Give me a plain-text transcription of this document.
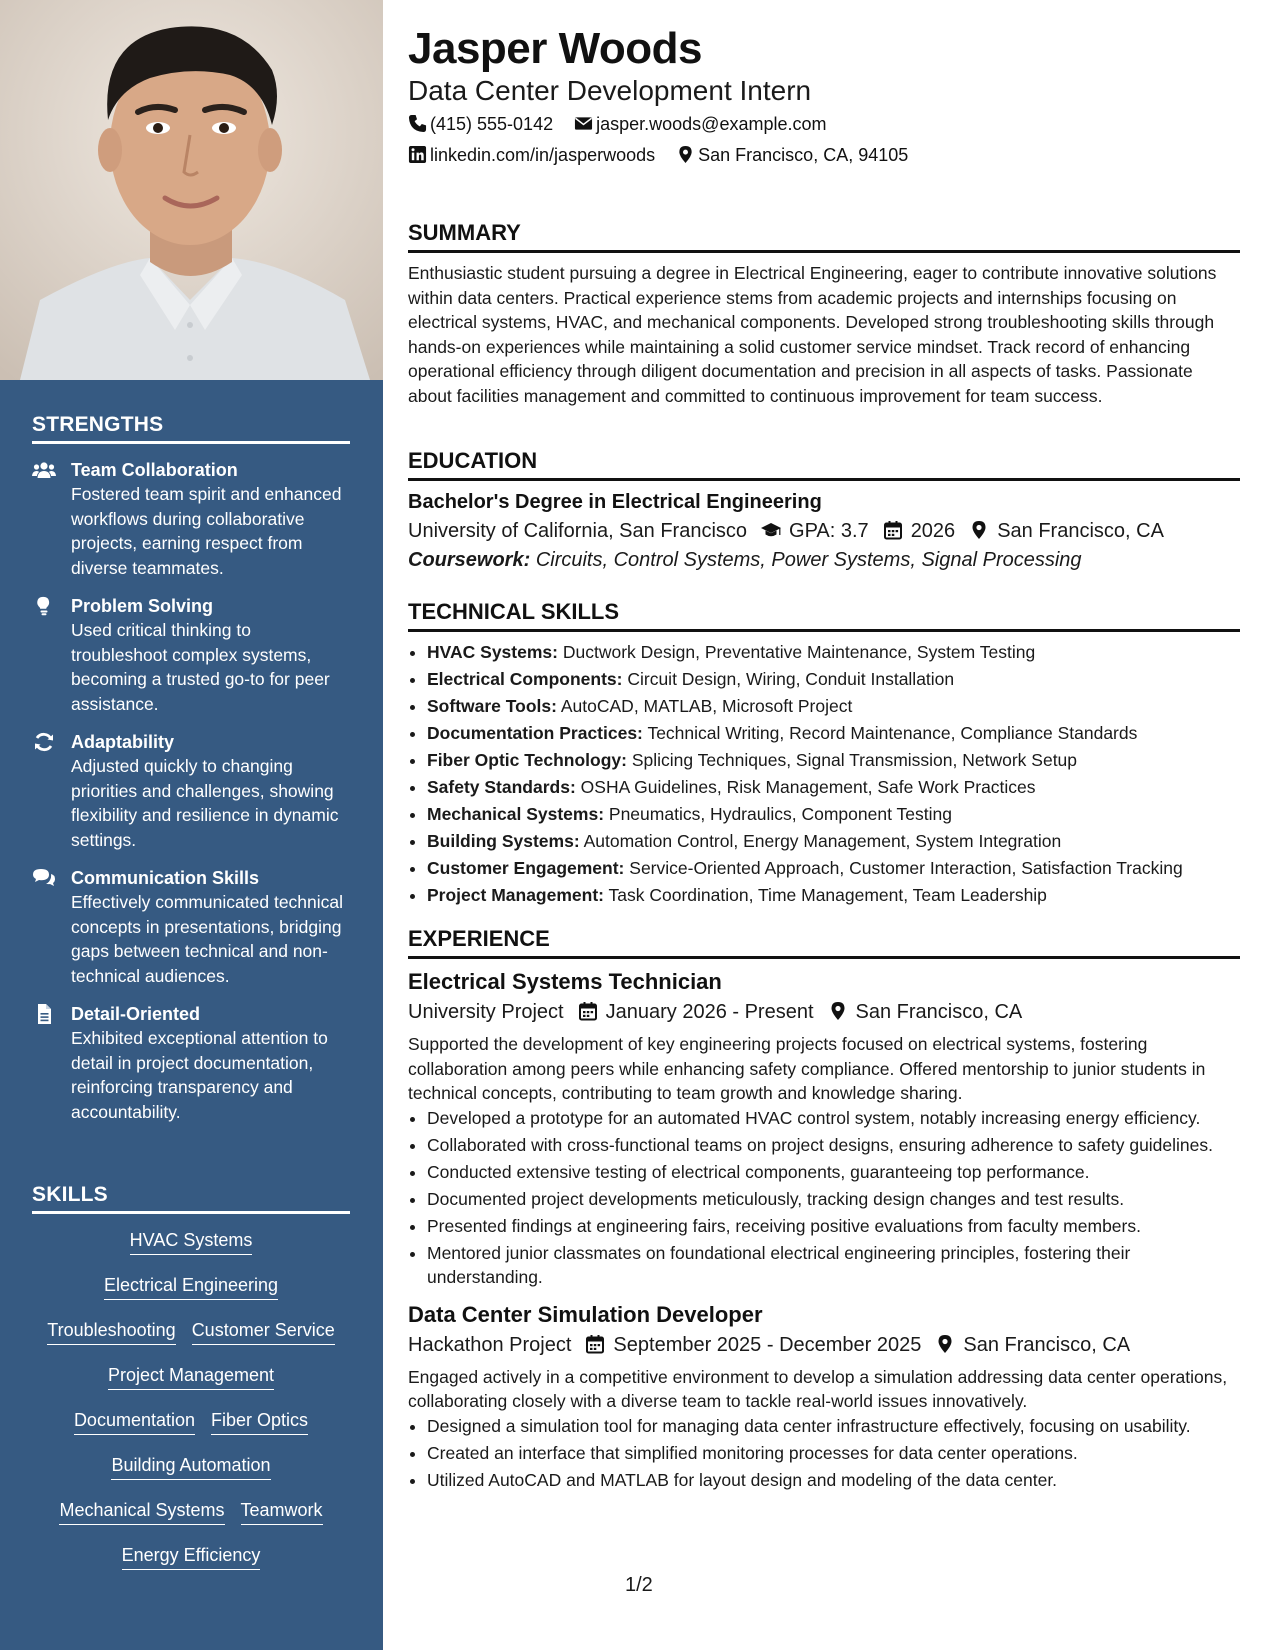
STRENGTHS
Team Collaboration
Fostered team spirit and enhanced workflows during collaborative projects, earning respect from diverse teammates.
Problem Solving
Used critical thinking to troubleshoot complex systems, becoming a trusted go-to for peer assistance.
Adaptability
Adjusted quickly to changing priorities and challenges, showing flexibility and resilience in dynamic settings.
Communication Skills
Effectively communicated technical concepts in presentations, bridging gaps between technical and non-technical audiences.
Detail-Oriented
Exhibited exceptional attention to detail in project documentation, reinforcing transparency and accountability.
SKILLS
HVAC Systems
Electrical Engineering
Troubleshooting Customer Service
Project Management
Documentation Fiber Optics
Building Automation
Mechanical Systems Teamwork
Energy Efficiency
Jasper Woods
Data Center Development Intern
(415) 555-0142 jasper.woods@example.com
linkedin.com/in/jasperwoods San Francisco, CA, 94105
SUMMARY
Enthusiastic student pursuing a degree in Electrical Engineering, eager to contribute innovative solutions within data centers. Practical experience stems from academic projects and internships focusing on electrical systems, HVAC, and mechanical components. Developed strong troubleshooting skills through hands-on experiences while maintaining a solid customer service mindset. Track record of enhancing operational efficiency through diligent documentation and precision in all aspects of tasks. Passionate about facilities management and committed to continuous improvement for team success.
EDUCATION
Bachelor's Degree in Electrical Engineering
University of California, San Francisco GPA: 3.7 2026 San Francisco, CA
Coursework: Circuits, Control Systems, Power Systems, Signal Processing
TECHNICAL SKILLS
• HVAC Systems: Ductwork Design, Preventative Maintenance, System Testing
• Electrical Components: Circuit Design, Wiring, Conduit Installation
• Software Tools: AutoCAD, MATLAB, Microsoft Project
• Documentation Practices: Technical Writing, Record Maintenance, Compliance Standards
• Fiber Optic Technology: Splicing Techniques, Signal Transmission, Network Setup
• Safety Standards: OSHA Guidelines, Risk Management, Safe Work Practices
• Mechanical Systems: Pneumatics, Hydraulics, Component Testing
• Building Systems: Automation Control, Energy Management, System Integration
• Customer Engagement: Service-Oriented Approach, Customer Interaction, Satisfaction Tracking
• Project Management: Task Coordination, Time Management, Team Leadership
EXPERIENCE
Electrical Systems Technician
University Project January 2026 - Present San Francisco, CA
Supported the development of key engineering projects focused on electrical systems, fostering collaboration among peers while enhancing safety compliance. Offered mentorship to junior students in technical concepts, contributing to team growth and knowledge sharing.
• Developed a prototype for an automated HVAC control system, notably increasing energy efficiency.
• Collaborated with cross-functional teams on project designs, ensuring adherence to safety guidelines.
• Conducted extensive testing of electrical components, guaranteeing top performance.
• Documented project developments meticulously, tracking design changes and test results.
• Presented findings at engineering fairs, receiving positive evaluations from faculty members.
• Mentored junior classmates on foundational electrical engineering principles, fostering their understanding.
Data Center Simulation Developer
Hackathon Project September 2025 - December 2025 San Francisco, CA
Engaged actively in a competitive environment to develop a simulation addressing data center operations, collaborating closely with a diverse team to tackle real-world issues innovatively.
• Designed a simulation tool for managing data center infrastructure effectively, focusing on usability.
• Created an interface that simplified monitoring processes for data center operations.
• Utilized AutoCAD and MATLAB for layout design and modeling of the data center.
1/2
